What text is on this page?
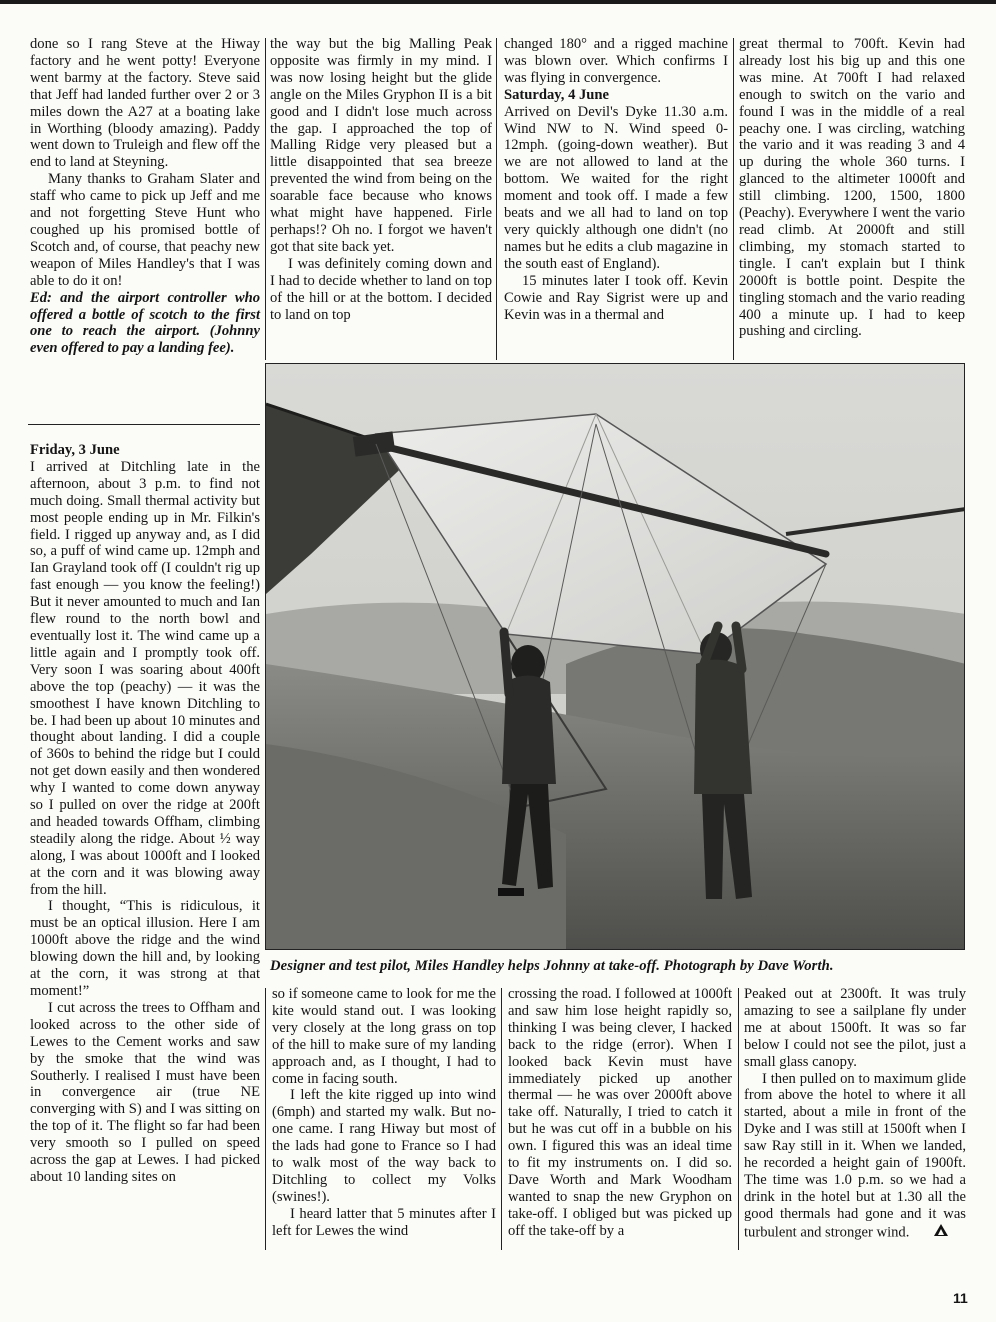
done so I rang Steve at the Hiway factory and he went potty! Everyone went barmy at the factory. Steve said that Jeff had landed further over 2 or 3 miles down the A27 at a boating lake in Worthing (bloody amazing). Paddy went down to Truleigh and flew off the end to land at Steyning.

Many thanks to Graham Slater and staff who came to pick up Jeff and me and not forgetting Steve Hunt who coughed up his promised bottle of Scotch and, of course, that peachy new weapon of Miles Handley's that I was able to do it on!

Ed: and the airport controller who offered a bottle of scotch to the first one to reach the airport. (Johnny even offered to pay a landing fee).

Friday, 3 June

I arrived at Ditchling late in the afternoon, about 3 p.m. to find not much doing. Small thermal activity but most people ending up in Mr. Filkin's field. I rigged up anyway and, as I did so, a puff of wind came up. 12mph and Ian Grayland took off (I couldn't rig up fast enough — you know the feeling!) But it never amounted to much and Ian flew round to the north bowl and eventually lost it. The wind came up a little again and I promptly took off. Very soon I was soaring about 400ft above the top (peachy) — it was the smoothest I have known Ditchling to be. I had been up about 10 minutes and thought about landing. I did a couple of 360s to behind the ridge but I could not get down easily and then wondered why I wanted to come down anyway so I pulled on over the ridge at 200ft and headed towards Offham, climbing steadily along the ridge. About ½ way along, I was about 1000ft and I looked at the corn and it was blowing away from the hill.

I thought, “This is ridiculous, it must be an optical illusion. Here I am 1000ft above the ridge and the wind blowing down the hill and, by looking at the corn, it was strong at that moment!”

I cut across the trees to Offham and looked across to the other side of Lewes to the Cement works and saw by the smoke that the wind was Southerly. I realised I must have been in convergence air (true NE converging with S) and I was sitting on the top of it. The flight so far had been very smooth so I pulled on speed across the gap at Lewes. I had picked about 10 landing sites on

the way but the big Malling Peak opposite was firmly in my mind. I was now losing height but the glide angle on the Miles Gryphon II is a bit good and I didn't lose much across the gap. I approached the top of Malling Ridge very pleased but a little disappointed that sea breeze prevented the wind from being on the soarable face because who knows what might have happened. Firle perhaps!? Oh no. I forgot we haven't got that site back yet.

I was definitely coming down and I had to decide whether to land on top of the hill or at the bottom. I decided to land on top

changed 180° and a rigged machine was blown over. Which confirms I was flying in convergence.

Saturday, 4 June

Arrived on Devil's Dyke 11.30 a.m. Wind NW to N. Wind speed 0-12mph. (going-down weather). But we are not allowed to land at the bottom. We waited for the right moment and took off. I made a few beats and we all had to land on top very quickly although one didn't (no names but he edits a club magazine in the south east of England).

15 minutes later I took off. Kevin Cowie and Ray Sigrist were up and Kevin was in a thermal and

great thermal to 700ft. Kevin had already lost his big up and this one was mine. At 700ft I had relaxed enough to switch on the vario and found I was in the middle of a real peachy one. I was circling, watching the vario and it was reading 3 and 4 up during the whole 360 turns. I glanced to the altimeter 1000ft and still climbing. 1200, 1500, 1800 (Peachy). Everywhere I went the vario read climb. At 2000ft and still climbing, my stomach started to tingle. I can't explain but I think 2000ft is bottle point. Despite the tingling stomach and the vario reading 400 a minute up. I had to keep pushing and circling.

Designer and test pilot, Miles Handley helps Johnny at take-off. Photograph by Dave Worth.

so if someone came to look for me the kite would stand out. I was looking very closely at the long grass on top of the hill to make sure of my landing approach and, as I thought, I had to come in facing south.

I left the kite rigged up into wind (6mph) and started my walk. But no-one came. I rang Hiway but most of the lads had gone to France so I had to walk most of the way back to Ditchling to collect my Volks (swines!).

I heard latter that 5 minutes after I left for Lewes the wind

crossing the road. I followed at 1000ft and saw him lose height rapidly so, thinking I was being clever, I hacked back to the ridge (error). When I looked back Kevin must have immediately picked up another thermal — he was over 2000ft above take off. Naturally, I tried to catch it but he was cut off in a bubble on his own. I figured this was an ideal time to fit my instruments on. I did so. Dave Worth and Mark Woodham wanted to snap the new Gryphon on take-off. I obliged but was picked up off the take-off by a

Peaked out at 2300ft. It was truly amazing to see a sailplane fly under me at about 1500ft. It was so far below I could not see the pilot, just a small glass canopy.

I then pulled on to maximum glide from above the hotel to where it all started, about a mile in front of the Dyke and I was still at 1500ft when I saw Ray still in it. When we landed, he recorded a height gain of 1900ft. The time was 1.0 p.m. so we had a drink in the hotel but at 1.30 all the good thermals had gone and it was turbulent and stronger wind.

11
